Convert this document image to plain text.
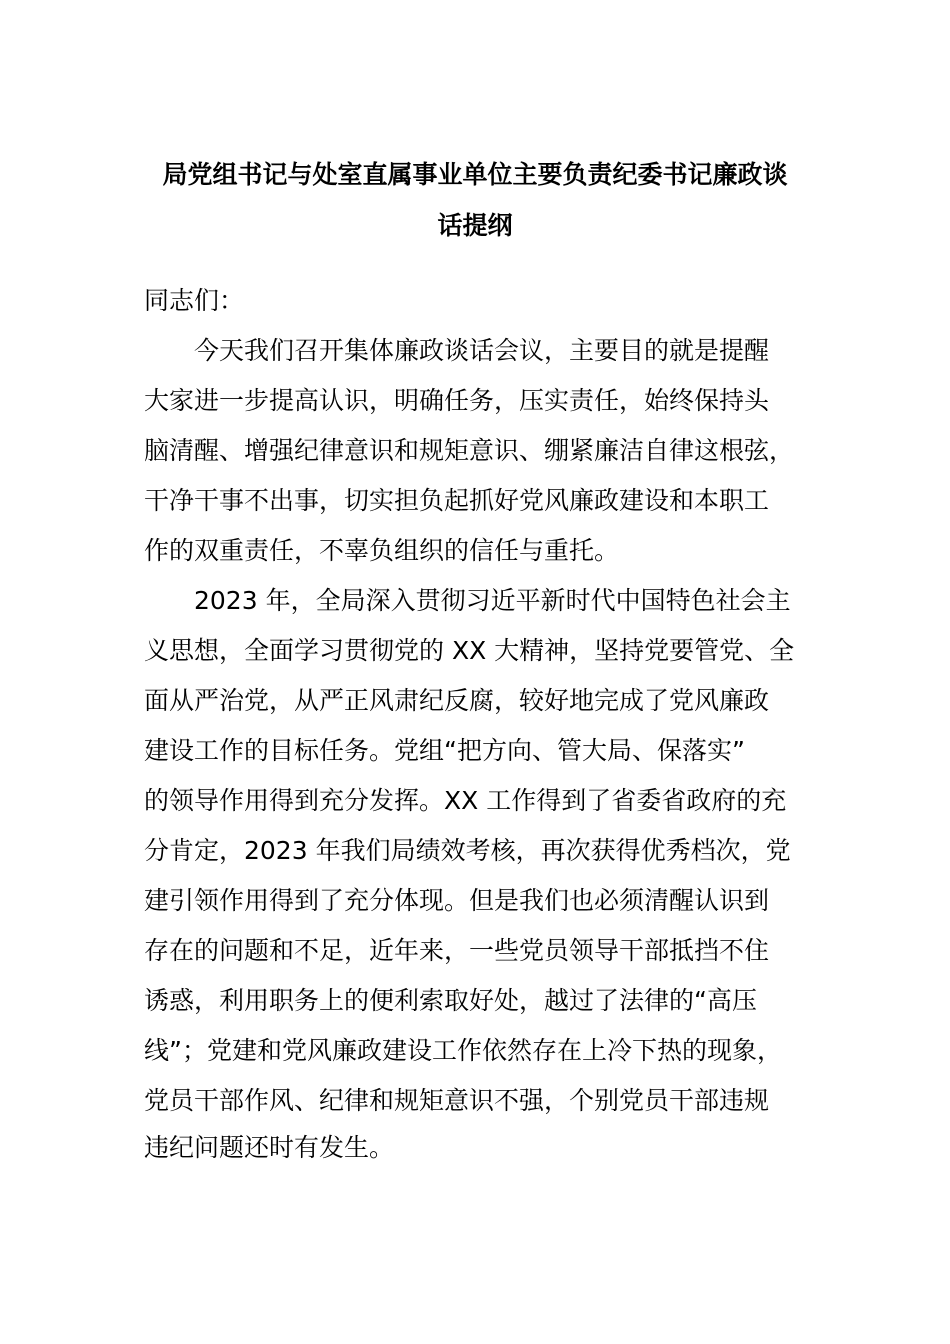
局党组书记与处室直属事业单位主要负责纪委书记廉政谈
话提纲
同志们：
今天我们召开集体廉政谈话会议，主要目的就是提醒
大家进一步提高认识，明确任务，压实责任，始终保持头
脑清醒、增强纪律意识和规矩意识、绷紧廉洁自律这根弦，
干净干事不出事，切实担负起抓好党风廉政建设和本职工
作的双重责任，不辜负组织的信任与重托。
2023 年，全局深入贯彻习近平新时代中国特色社会主
义思想，全面学习贯彻党的 XX 大精神，坚持党要管党、全
面从严治党，从严正风肃纪反腐，较好地完成了党风廉政
建设工作的目标任务。党组“把方向、管大局、保落实”
的领导作用得到充分发挥。XX 工作得到了省委省政府的充
分肯定，2023 年我们局绩效考核，再次获得优秀档次，党
建引领作用得到了充分体现。但是我们也必须清醒认识到
存在的问题和不足，近年来，一些党员领导干部抵挡不住
诱惑，利用职务上的便利索取好处，越过了法律的“高压
线”；党建和党风廉政建设工作依然存在上冷下热的现象，
党员干部作风、纪律和规矩意识不强，个别党员干部违规
违纪问题还时有发生。
